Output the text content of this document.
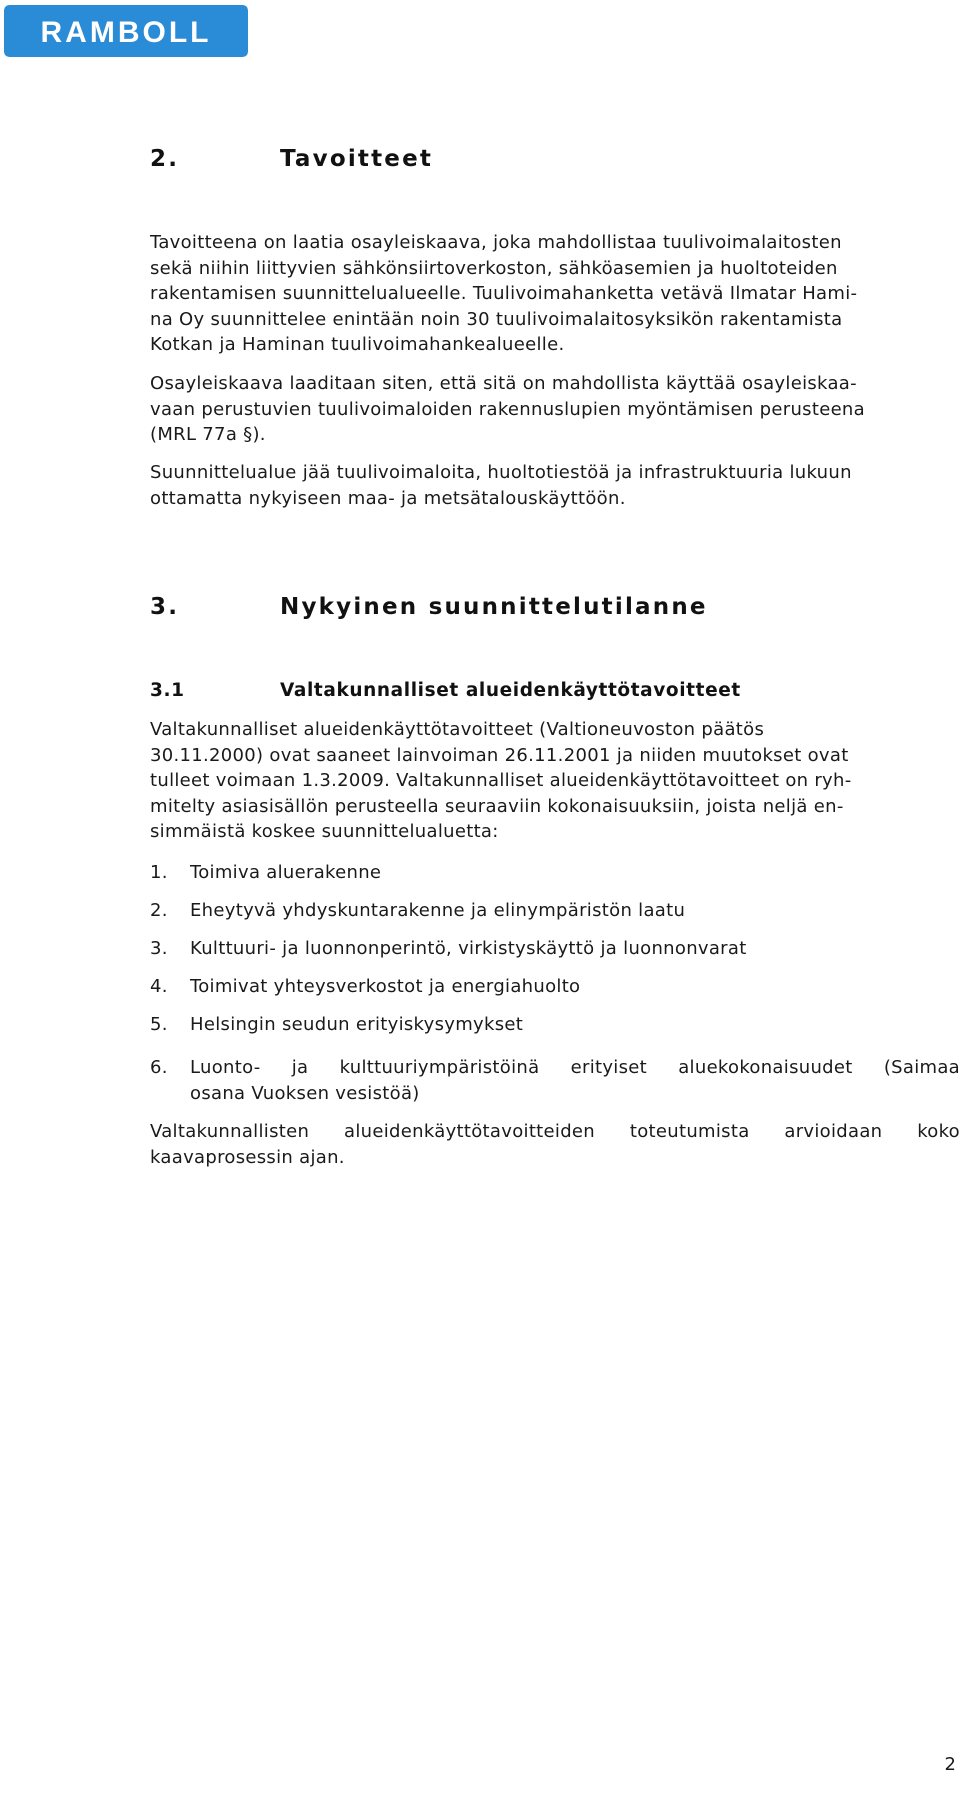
RAMBOLL
2.	Tavoitteet

Tavoitteena on laatia osayleiskaava, joka mahdollistaa tuulivoimalaitosten
sekä niihin liittyvien sähkönsiirtoverkoston, sähköasemien ja huoltoteiden
rakentamisen suunnittelualueelle. Tuulivoimahanketta vetävä Ilmatar Hami-
na Oy suunnittelee enintään noin 30 tuulivoimalaitosyksikön rakentamista
Kotkan ja Haminan tuulivoimahankealueelle.

Osayleiskaava laaditaan siten, että sitä on mahdollista käyttää osayleiskaa-
vaan perustuvien tuulivoimaloiden rakennuslupien myöntämisen perusteena
(MRL 77a §).

Suunnittelualue jää tuulivoimaloita, huoltotiestöä ja infrastruktuuria lukuun
ottamatta nykyiseen maa- ja metsätalouskäyttöön.

3.	Nykyinen suunnittelutilanne
3.1	Valtakunnalliset alueidenkäyttötavoitteet

Valtakunnalliset alueidenkäyttötavoitteet (Valtioneuvoston päätös
30.11.2000) ovat saaneet lainvoiman 26.11.2001 ja niiden muutokset ovat
tulleet voimaan 1.3.2009. Valtakunnalliset alueidenkäyttötavoitteet on ryh-
mitelty asiasisällön perusteella seuraaviin kokonaisuuksiin, joista neljä en-
simmäistä koskee suunnittelualuetta:

1. Toimiva aluerakenne
2. Eheytyvä yhdyskuntarakenne ja elinympäristön laatu
3. Kulttuuri- ja luonnonperintö, virkistyskäyttö ja luonnonvarat
4. Toimivat yhteysverkostot ja energiahuolto
5. Helsingin seudun erityiskysymykset
6. Luonto- ja kulttuuriympäristöinä erityiset aluekokonaisuudet (Saimaa
osana Vuoksen vesistöä)

Valtakunnallisten alueidenkäyttötavoitteiden toteutumista arvioidaan koko
kaavaprosessin ajan.

2
